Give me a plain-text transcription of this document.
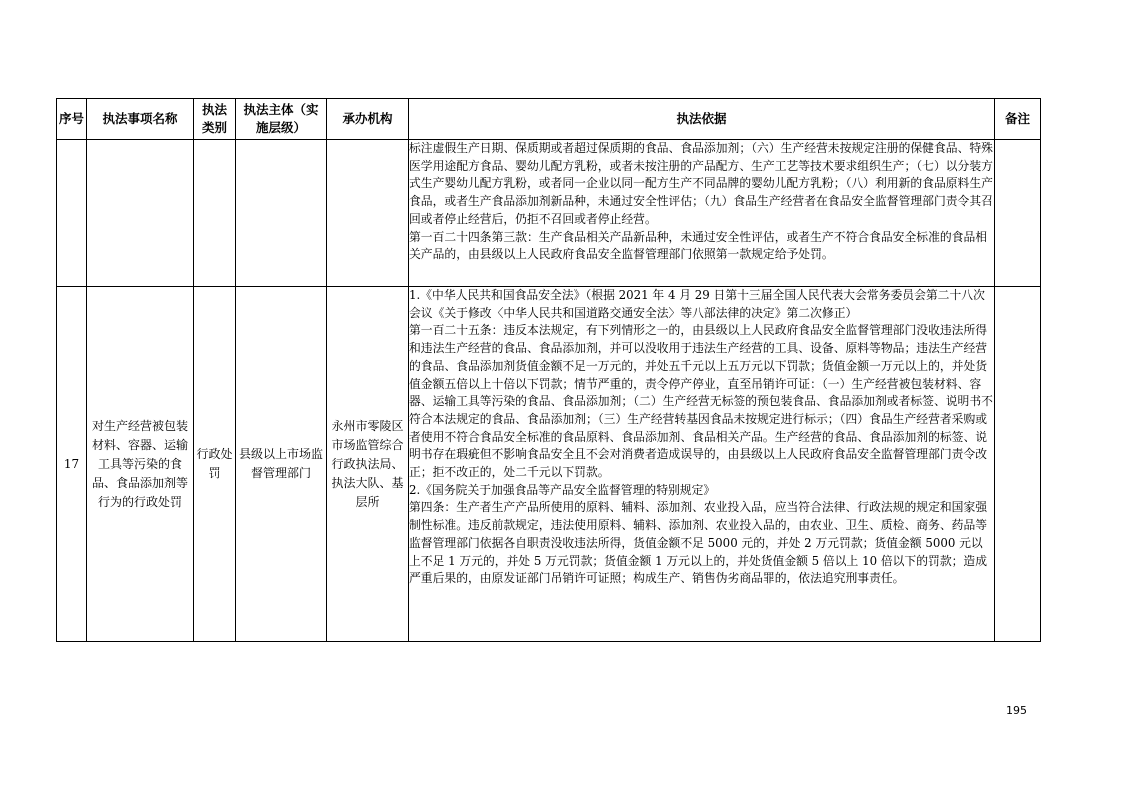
序号	执法事项名称	执法类别	执法主体（实施层级）	承办机构	执法依据	备注

					标注虚假生产日期、保质期或者超过保质期的食品、食品添加剂；（六）生产经营未按规定注册的保健食品、特殊医学用途配方食品、婴幼儿配方乳粉，或者未按注册的产品配方、生产工艺等技术要求组织生产；（七）以分装方式生产婴幼儿配方乳粉，或者同一企业以同一配方生产不同品牌的婴幼儿配方乳粉；（八）利用新的食品原料生产食品，或者生产食品添加剂新品种，未通过安全性评估；（九）食品生产经营者在食品安全监督管理部门责令其召回或者停止经营后，仍拒不召回或者停止经营。

第一百二十四条第三款：生产食品相关产品新品种，未通过安全性评估，或者生产不符合食品安全标准的食品相关产品的，由县级以上人民政府食品安全监督管理部门依照第一款规定给予处罚。	

17	对生产经营被包装材料、容器、运输工具等污染的食品、食品添加剂等行为的行政处罚	行政处罚	县级以上市场监督管理部门	永州市零陵区市场监管综合行政执法局、执法大队、基层所	1.《中华人民共和国食品安全法》（根据 2021 年 4 月 29 日第十三届全国人民代表大会常务委员会第二十八次会议《关于修改〈中华人民共和国道路交通安全法〉等八部法律的决定》第二次修正）

第一百二十五条：违反本法规定，有下列情形之一的，由县级以上人民政府食品安全监督管理部门没收违法所得和违法生产经营的食品、食品添加剂，并可以没收用于违法生产经营的工具、设备、原料等物品；违法生产经营的食品、食品添加剂货值金额不足一万元的，并处五千元以上五万元以下罚款；货值金额一万元以上的，并处货值金额五倍以上十倍以下罚款；情节严重的，责令停产停业，直至吊销许可证：（一）生产经营被包装材料、容器、运输工具等污染的食品、食品添加剂；（二）生产经营无标签的预包装食品、食品添加剂或者标签、说明书不符合本法规定的食品、食品添加剂；（三）生产经营转基因食品未按规定进行标示；（四）食品生产经营者采购或者使用不符合食品安全标准的食品原料、食品添加剂、食品相关产品。生产经营的食品、食品添加剂的标签、说明书存在瑕疵但不影响食品安全且不会对消费者造成误导的，由县级以上人民政府食品安全监督管理部门责令改正；拒不改正的，处二千元以下罚款。

2.《国务院关于加强食品等产品安全监督管理的特别规定》

第四条：生产者生产产品所使用的原料、辅料、添加剂、农业投入品，应当符合法律、行政法规的规定和国家强制性标准。违反前款规定，违法使用原料、辅料、添加剂、农业投入品的，由农业、卫生、质检、商务、药品等监督管理部门依据各自职责没收违法所得，货值金额不足 5000 元的，并处 2 万元罚款；货值金额 5000 元以上不足 1 万元的，并处 5 万元罚款；货值金额 1 万元以上的，并处货值金额 5 倍以上 10 倍以下的罚款；造成严重后果的，由原发证部门吊销许可证照；构成生产、销售伪劣商品罪的，依法追究刑事责任。	

195
